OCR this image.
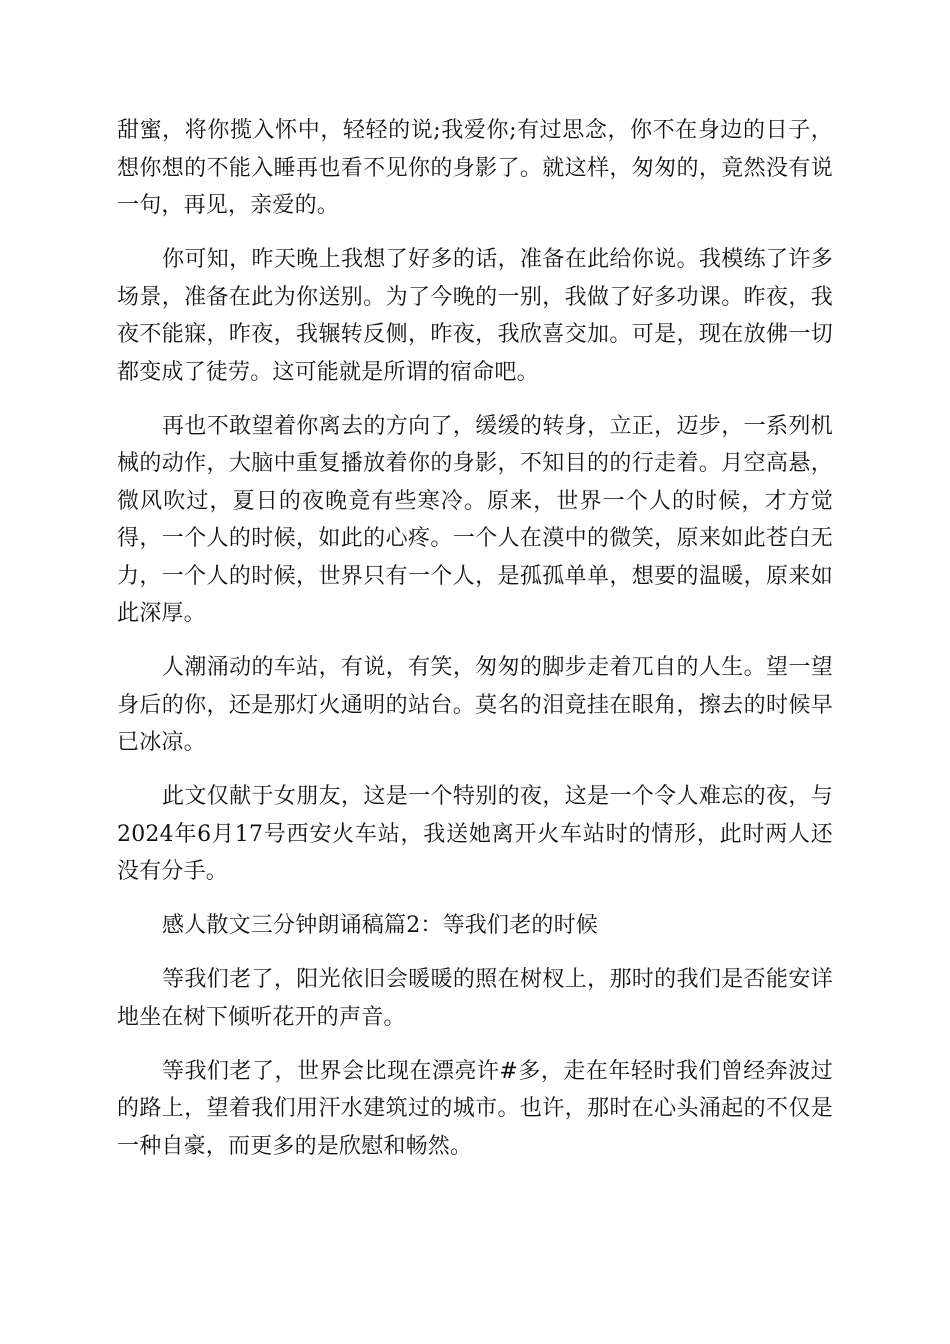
甜蜜，将你揽入怀中，轻轻的说;我爱你;有过思念，你不在身边的日子，想你想的不能入睡再也看不见你的身影了。就这样，匆匆的，竟然没有说一句，再见，亲爱的。

你可知，昨天晚上我想了好多的话，准备在此给你说。我模练了许多场景，准备在此为你送别。为了今晚的一别，我做了好多功课。昨夜，我夜不能寐，昨夜，我辗转反侧，昨夜，我欣喜交加。可是，现在放佛一切都变成了徒劳。这可能就是所谓的宿命吧。

再也不敢望着你离去的方向了，缓缓的转身，立正，迈步，一系列机械的动作，大脑中重复播放着你的身影，不知目的的行走着。月空高悬，微风吹过，夏日的夜晚竟有些寒冷。原来，世界一个人的时候，才方觉得，一个人的时候，如此的心疼。一个人在漠中的微笑，原来如此苍白无力，一个人的时候，世界只有一个人，是孤孤单单，想要的温暖，原来如此深厚。

人潮涌动的车站，有说，有笑，匆匆的脚步走着兀自的人生。望一望身后的你，还是那灯火通明的站台。莫名的泪竟挂在眼角，擦去的时候早已冰凉。

此文仅献于女朋友，这是一个特别的夜，这是一个令人难忘的夜，与2024年6月17号西安火车站，我送她离开火车站时的情形，此时两人还没有分手。

感人散文三分钟朗诵稿篇2：等我们老的时候

等我们老了，阳光依旧会暖暖的照在树杈上，那时的我们是否能安详地坐在树下倾听花开的声音。

等我们老了，世界会比现在漂亮许#多，走在年轻时我们曾经奔波过的路上，望着我们用汗水建筑过的城市。也许，那时在心头涌起的不仅是一种自豪，而更多的是欣慰和畅然。
